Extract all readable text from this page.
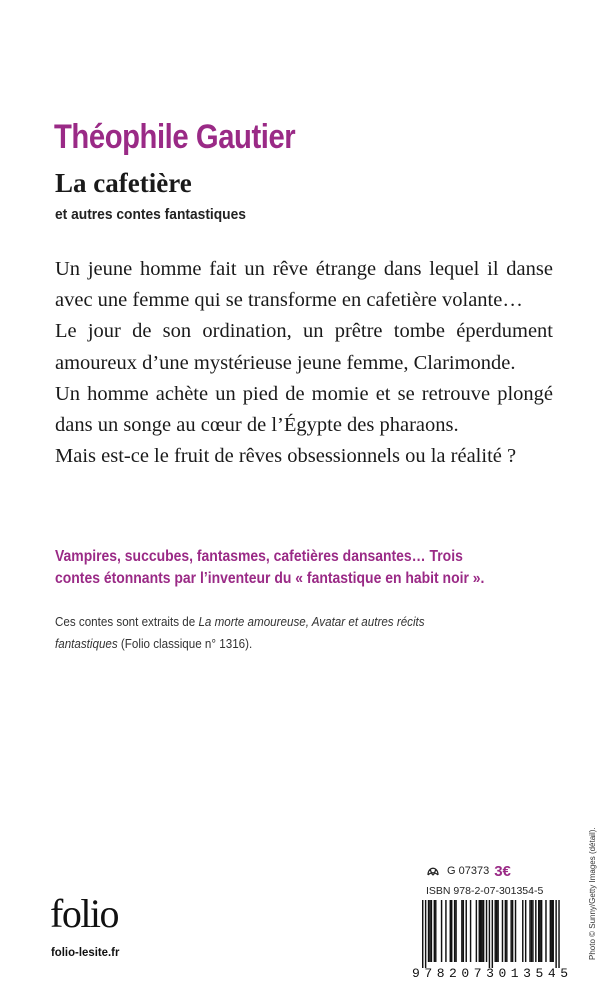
Théophile Gautier
La cafetière
et autres contes fantastiques

Un jeune homme fait un rêve étrange dans lequel il danse avec une femme qui se transforme en cafetière volante…

Le jour de son ordination, un prêtre tombe éperdument amoureux d’une mystérieuse jeune femme, Clarimonde.

Un homme achète un pied de momie et se retrouve plongé dans un songe au cœur de l’Égypte des pharaons.

Mais est-ce le fruit de rêves obsessionnels ou la réalité ?

Vampires, succubes, fantasmes, cafetières dansantes… Trois
contes étonnants par l’inventeur du « fantastique en habit noir ».
Ces contes sont extraits de La morte amoureuse, Avatar et autres récits
fantastiques (Folio classique n° 1316).
Photo © Sunny/Getty Images (détail).
folio
folio-lesite.fr
G 07373 3€
ISBN 978-2-07-301354-5
9782073013545
